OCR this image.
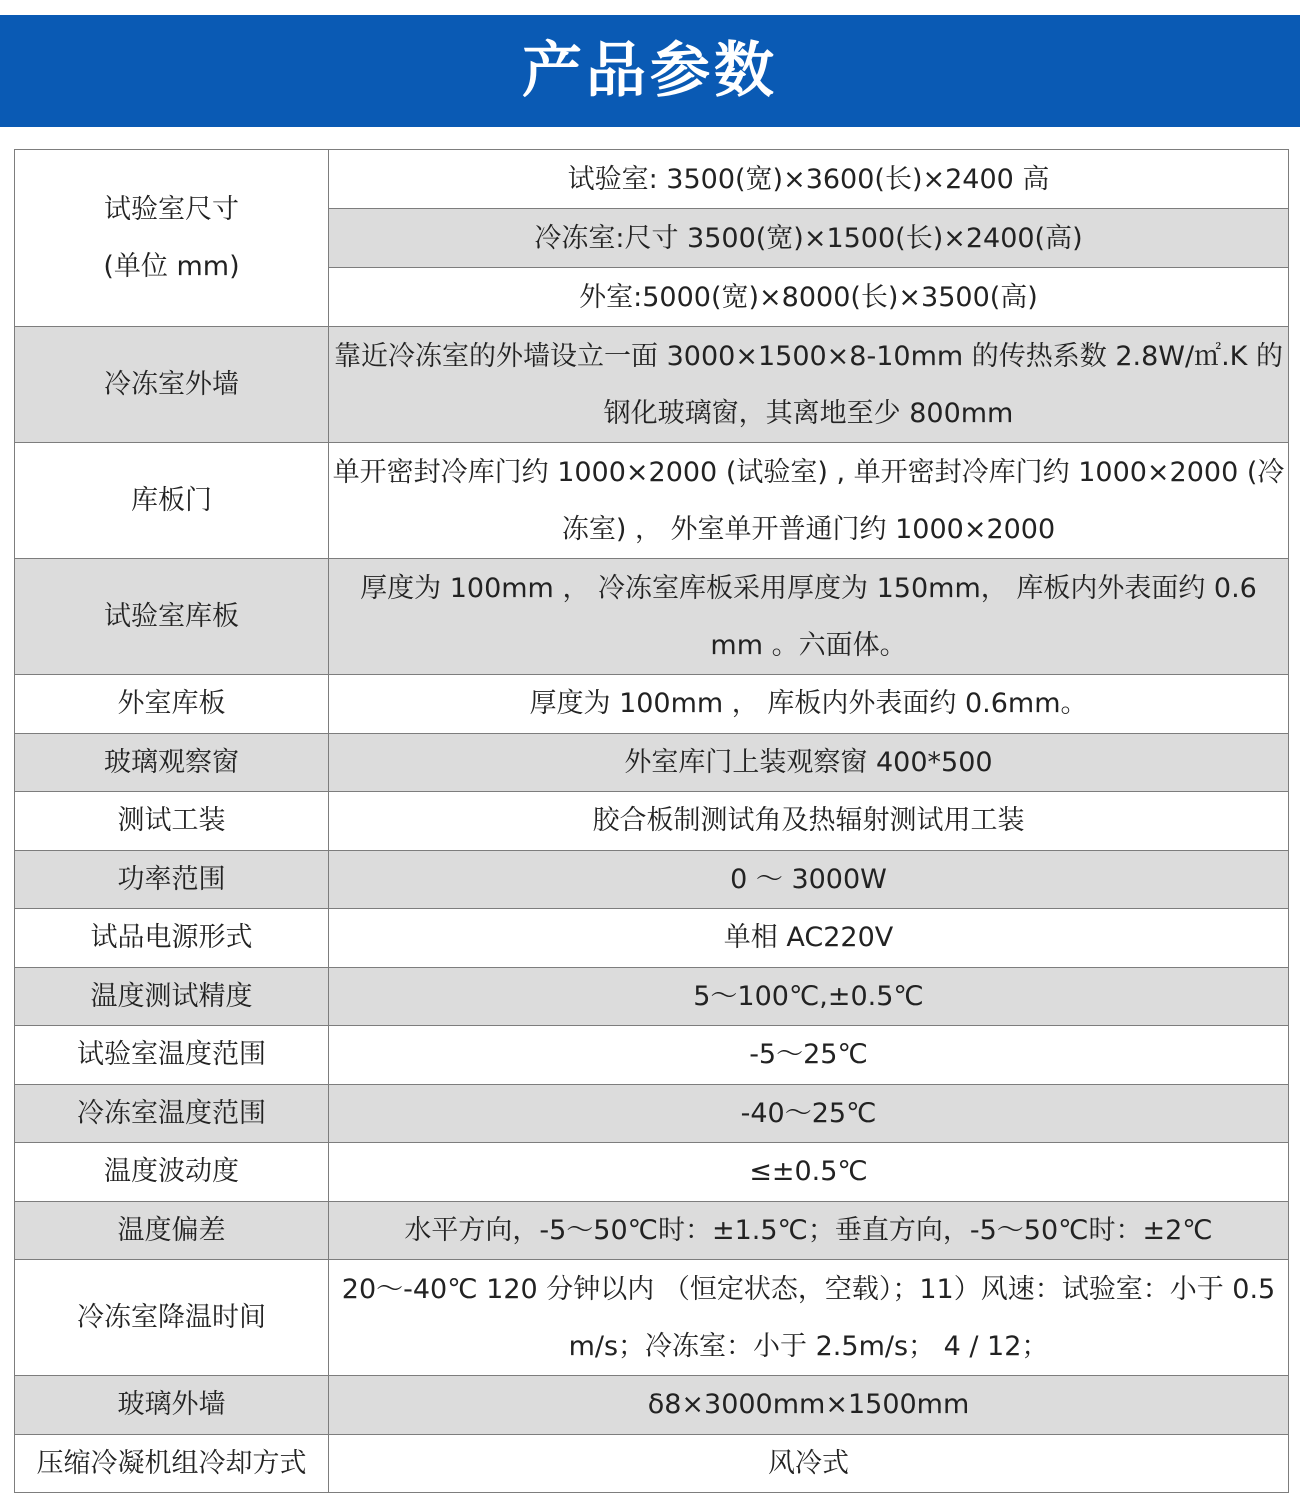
产品参数
试验室尺寸
(单位 mm)	试验室: 3500(宽)×3600(长)×2400 高
	冷冻室:尺寸 3500(宽)×1500(长)×2400(高)
	外室:5000(宽)×8000(长)×3500(高)
冷冻室外墙	靠近冷冻室的外墙设立一面 3000×1500×8-10mm 的传热系数 2.8W/㎡.K 的钢化玻璃窗，其离地至少 800mm
库板门	单开密封冷库门约 1000×2000 (试验室) , 单开密封冷库门约 1000×2000 (冷冻室) ， 外室单开普通门约 1000×2000
试验室库板	厚度为 100mm ， 冷冻室库板采用厚度为 150mm， 库板内外表面约 0.6mm 。六面体。
外室库板	厚度为 100mm ， 库板内外表面约 0.6mm。
玻璃观察窗	外室库门上装观察窗 400*500
测试工装	胶合板制测试角及热辐射测试用工装
功率范围	0 ～ 3000W
试品电源形式	单相 AC220V
温度测试精度	5～100℃,±0.5℃
试验室温度范围	-5～25℃
冷冻室温度范围	-40～25℃
温度波动度	≤±0.5℃
温度偏差	水平方向，-5～50℃时：±1.5℃；垂直方向，-5～50℃时：±2℃
冷冻室降温时间	20～-40℃ 120 分钟以内 （恒定状态，空载）；11）风速：试验室：小于 0.5m/s；冷冻室：小于 2.5m/s； 4 / 12；
玻璃外墙	δ8×3000mm×1500mm
压缩冷凝机组冷却方式	风冷式
